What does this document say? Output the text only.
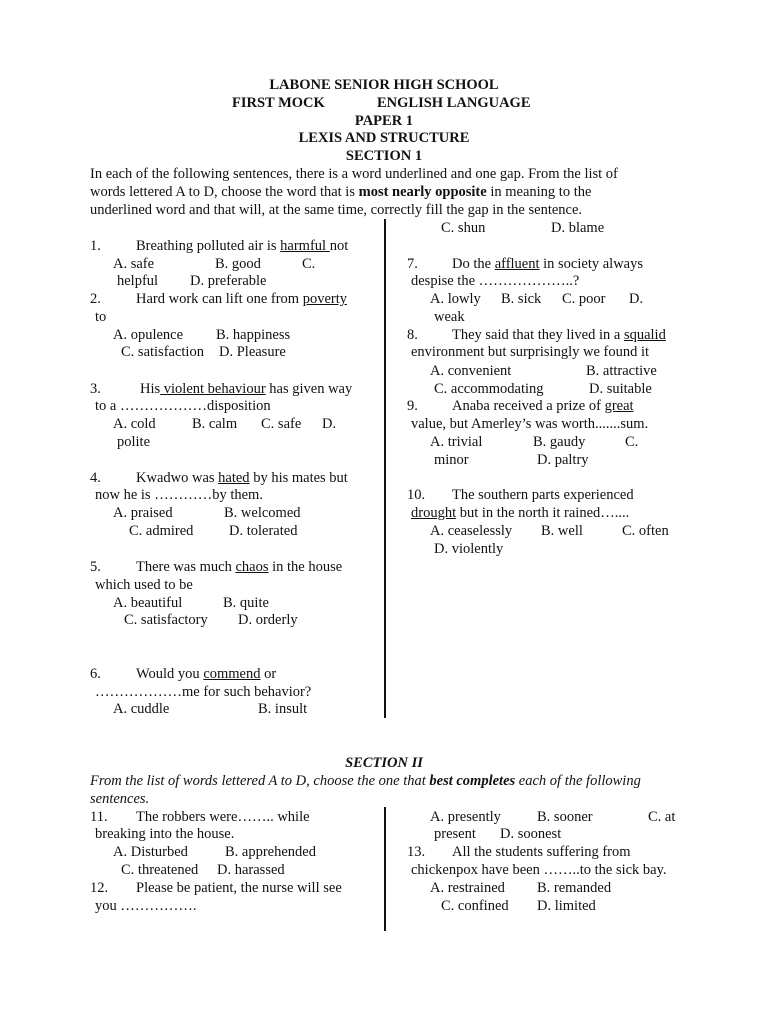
LABONE SENIOR HIGH SCHOOL
FIRST MOCK	ENGLISH LANGUAGE
PAPER 1
LEXIS AND STRUCTURE
SECTION 1
In each of the following sentences, there is a word underlined and one gap. From the list of
words lettered A to D, choose the word that is most nearly opposite in meaning to the
underlined word and that will, at the same time, correctly fill the gap in the sentence.
1. Breathing polluted air is harmful not
A. safe	B. good	C.
helpful D. preferable
2. Hard work can lift one from poverty
to
A. opulence B. happiness
C. satisfaction D. Pleasure
3.	His violent behaviour has given way
to a ………………disposition
A. cold	B. calm C. safe D.
polite
4. Kwadwo was hated by his mates but
now he is …………by them.
A. praised	B. welcomed
C. admired D. tolerated
5. There was much chaos in the house
which used to be
A. beautiful	B. quite
C. satisfactory D. orderly
6. Would you commend or
………………me for such behavior?
A. cuddle	B. insult
C. shun	D. blame
7. Do the affluent in society always
despise the ………………..?
A. lowly B. sick C. poor D.
weak
8. They said that they lived in a squalid
environment but surprisingly we found it
A. convenient	B. attractive
C. accommodating	D. suitable
9. Anaba received a prize of great
value, but Amerley’s was worth.......sum.
A. trivial	B. gaudy	C.
minor	D. paltry
10. The southern parts experienced
drought but in the north it rained…....
A. ceaselessly B. well	C. often
D. violently
SECTION II
From the list of words lettered A to D, choose the one that best completes each of the following
sentences.
11. The robbers were…….. while
breaking into the house.
A. Disturbed	B. apprehended
C. threatened D. harassed
12. Please be patient, the nurse will see
you …………….
A. presently B. sooner	C. at
present D. soonest
13. All the students suffering from
chickenpox have been ……..to the sick bay.
A. restrained B. remanded
C. confined D. limited
